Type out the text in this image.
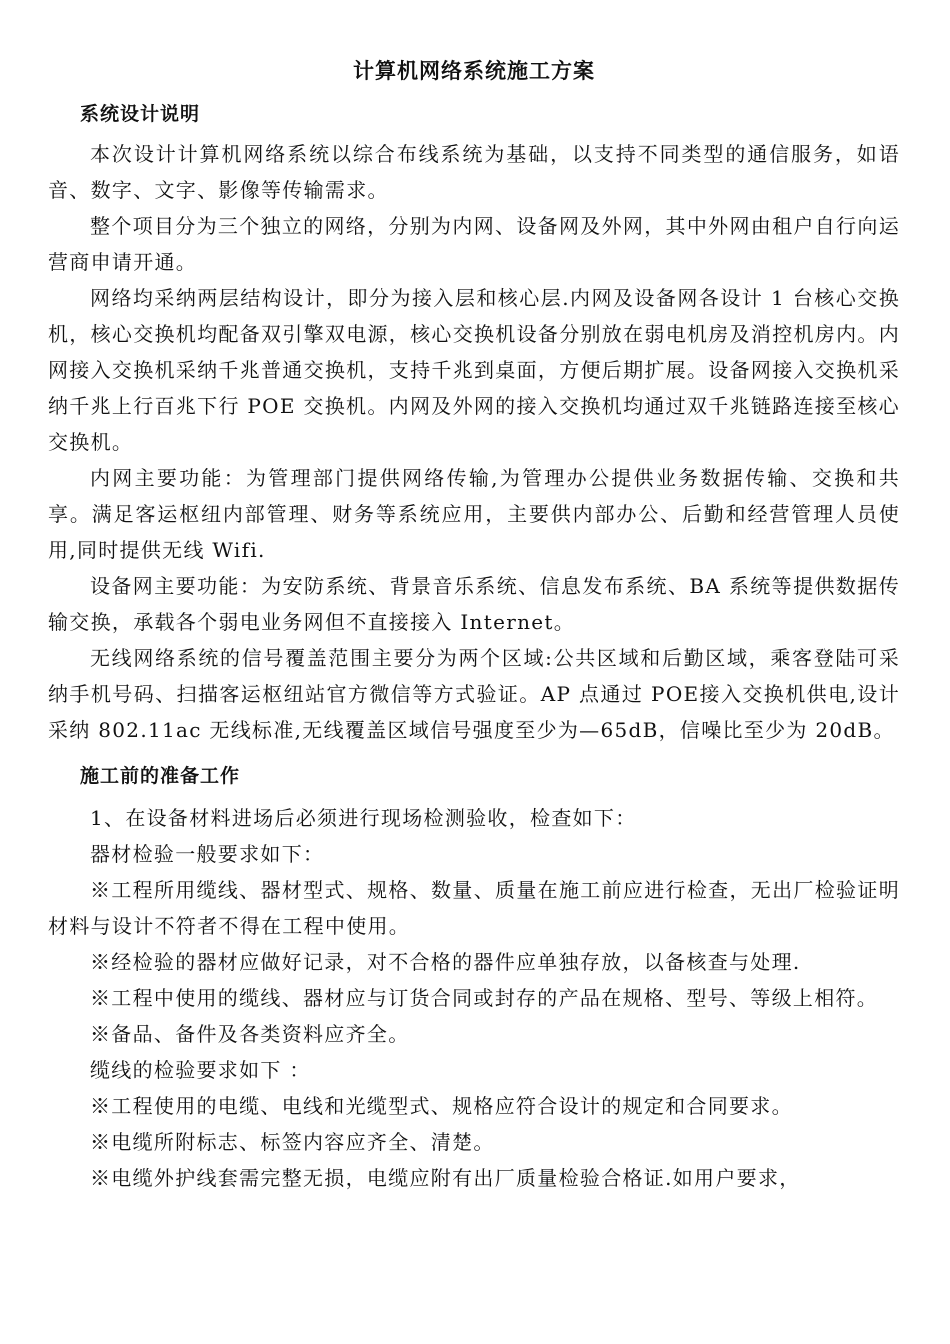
计算机网络系统施工方案
系统设计说明

本次设计计算机网络系统以综合布线系统为基础，以支持不同类型的通信服务，如语音、数字、文字、影像等传输需求。

整个项目分为三个独立的网络，分别为内网、设备网及外网，其中外网由租户自行向运营商申请开通。

网络均采纳两层结构设计，即分为接入层和核心层.内网及设备网各设计 1 台核心交换机，核心交换机均配备双引擎双电源，核心交换机设备分别放在弱电机房及消控机房内。内网接入交换机采纳千兆普通交换机，支持千兆到桌面，方便后期扩展。设备网接入交换机采纳千兆上行百兆下行 POE 交换机。内网及外网的接入交换机均通过双千兆链路连接至核心交换机。

内网主要功能：为管理部门提供网络传输,为管理办公提供业务数据传输、交换和共享。满足客运枢纽内部管理、财务等系统应用，主要供内部办公、后勤和经营管理人员使用,同时提供无线 Wifi.

设备网主要功能：为安防系统、背景音乐系统、信息发布系统、BA 系统等提供数据传输交换，承载各个弱电业务网但不直接接入 Internet。

无线网络系统的信号覆盖范围主要分为两个区域:公共区域和后勤区域，乘客登陆可采纳手机号码、扫描客运枢纽站官方微信等方式验证。AP 点通过 POE接入交换机供电,设计采纳 802.11ac 无线标准,无线覆盖区域信号强度至少为—65dB，信噪比至少为 20dB。

施工前的准备工作

1、在设备材料进场后必须进行现场检测验收，检查如下：

器材检验一般要求如下：

※工程所用缆线、器材型式、规格、数量、质量在施工前应进行检查，无出厂检验证明材料与设计不符者不得在工程中使用。

※经检验的器材应做好记录，对不合格的器件应单独存放，以备核查与处理.

※工程中使用的缆线、器材应与订货合同或封存的产品在规格、型号、等级上相符。

※备品、备件及各类资料应齐全。

缆线的检验要求如下 ：

※工程使用的电缆、电线和光缆型式、规格应符合设计的规定和合同要求。

※电缆所附标志、标签内容应齐全、清楚。

※电缆外护线套需完整无损，电缆应附有出厂质量检验合格证.如用户要求，
